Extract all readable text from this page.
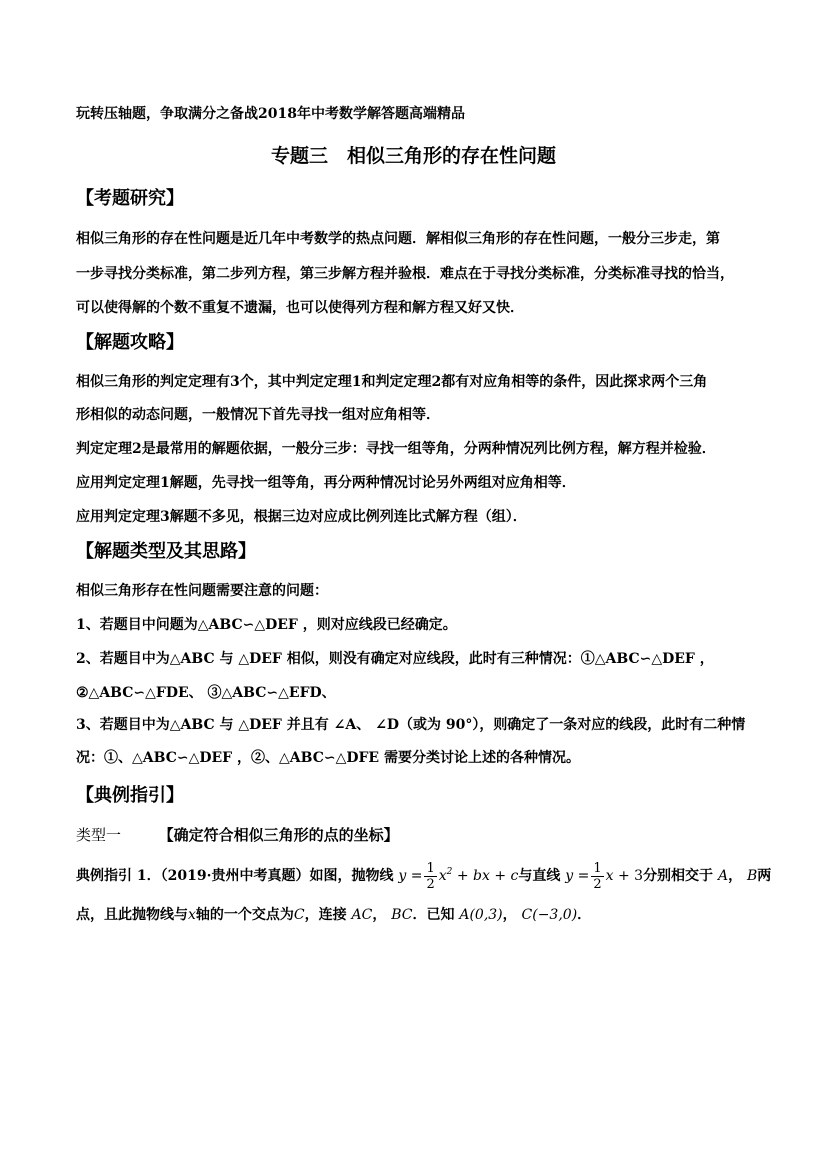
玩转压轴题，争取满分之备战2018年中考数学解答题高端精品
专题三　相似三角形的存在性问题
【考题研究】
相似三角形的存在性问题是近几年中考数学的热点问题．解相似三角形的存在性问题，一般分三步走，第
一步寻找分类标准，第二步列方程，第三步解方程并验根．难点在于寻找分类标准，分类标准寻找的恰当，
可以使得解的个数不重复不遗漏，也可以使得列方程和解方程又好又快．
【解题攻略】
相似三角形的判定定理有3个，其中判定定理1和判定定理2都有对应角相等的条件，因此探求两个三角
形相似的动态问题，一般情况下首先寻找一组对应角相等．
判定定理2是最常用的解题依据，一般分三步：寻找一组等角，分两种情况列比例方程，解方程并检验．
应用判定定理1解题，先寻找一组等角，再分两种情况讨论另外两组对应角相等．
应用判定定理3解题不多见，根据三边对应成比例列连比式解方程（组）．
【解题类型及其思路】
相似三角形存在性问题需要注意的问题：
1、若题目中问题为△ABC∽△DEF ，则对应线段已经确定。
2、若题目中为△ABC 与 △DEF 相似，则没有确定对应线段，此时有三种情况：①△ABC∽△DEF ，
②△ABC∽△FDE、 ③△ABC∽△EFD、
3、若题目中为△ABC 与 △DEF 并且有 ∠A、 ∠D（或为 90°），则确定了一条对应的线段，此时有二种情
况：①、△ABC∽△DEF ，②、△ABC∽△DFE 需要分类讨论上述的各种情况。
【典例指引】
类型一	【确定符合相似三角形的点的坐标】
典例指引 1．（2019·贵州中考真题）如图，抛物线 $y = \frac{1}{2} x^2$ + bx + c与直线 $y = \frac{1}{2}$ x + 3分别相交于 A， B两
点，且此抛物线与x轴的一个交点为C，连接 AC， BC．已知 A(0,3)， C(−3,0)．
